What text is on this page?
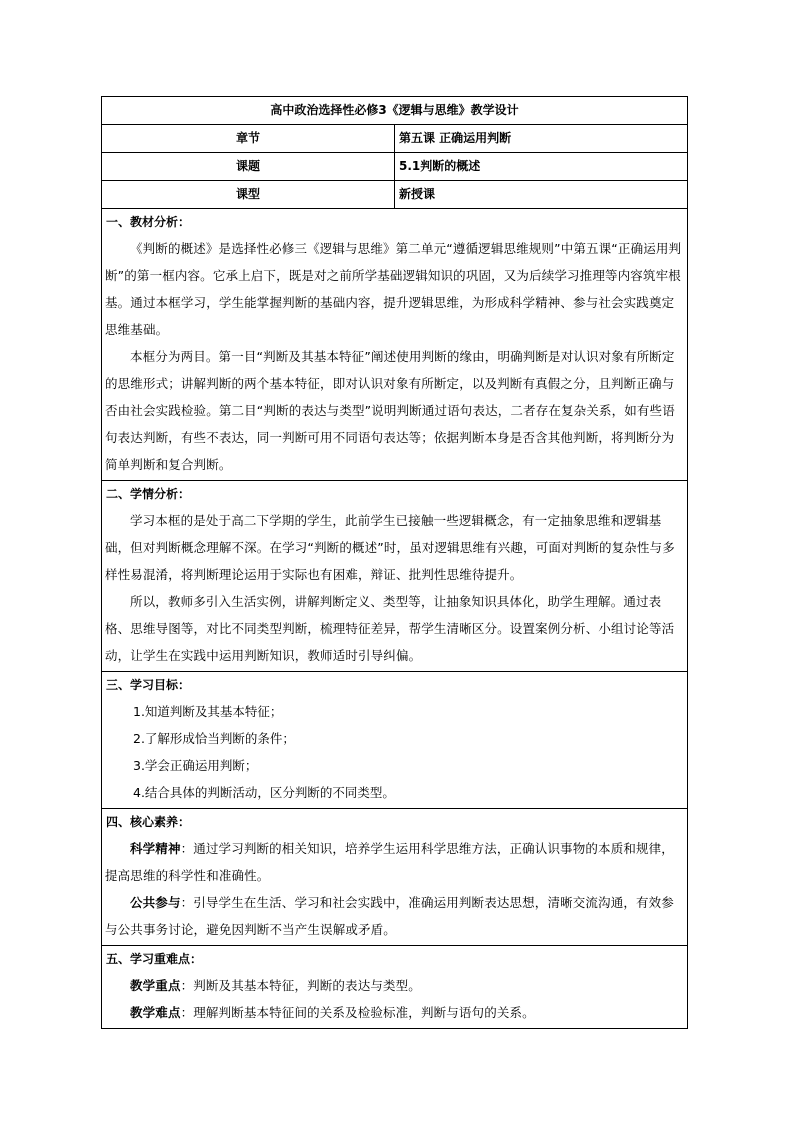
高中政治选择性必修3《逻辑与思维》教学设计	
章节	第五课 正确运用判断
课题	5.1判断的概述
课型	新授课

一、教材分析：

《判断的概述》是选择性必修三《逻辑与思维》第二单元“遵循逻辑思维规则”中第五课“正确运用判断”的第一框内容。它承上启下，既是对之前所学基础逻辑知识的巩固，又为后续学习推理等内容筑牢根基。通过本框学习，学生能掌握判断的基础内容，提升逻辑思维，为形成科学精神、参与社会实践奠定思维基础。

本框分为两目。第一目“判断及其基本特征”阐述使用判断的缘由，明确判断是对认识对象有所断定的思维形式；讲解判断的两个基本特征，即对认识对象有所断定，以及判断有真假之分，且判断正确与否由社会实践检验。第二目“判断的表达与类型”说明判断通过语句表达，二者存在复杂关系，如有些语句表达判断，有些不表达，同一判断可用不同语句表达等；依据判断本身是否含其他判断，将判断分为简单判断和复合判断。	

二、学情分析：

学习本框的是处于高二下学期的学生，此前学生已接触一些逻辑概念，有一定抽象思维和逻辑基础，但对判断概念理解不深。在学习“判断的概述”时，虽对逻辑思维有兴趣，可面对判断的复杂性与多样性易混淆，将判断理论运用于实际也有困难，辩证、批判性思维待提升。

所以，教师多引入生活实例，讲解判断定义、类型等，让抽象知识具体化，助学生理解。通过表格、思维导图等，对比不同类型判断，梳理特征差异，帮学生清晰区分。设置案例分析、小组讨论等活动，让学生在实践中运用判断知识，教师适时引导纠偏。	

三、学习目标：

1.知道判断及其基本特征；

2.了解形成恰当判断的条件；

3.学会正确运用判断；

4.结合具体的判断活动，区分判断的不同类型。	

四、核心素养：

科学精神：通过学习判断的相关知识，培养学生运用科学思维方法，正确认识事物的本质和规律，提高思维的科学性和准确性。

公共参与：引导学生在生活、学习和社会实践中，准确运用判断表达思想，清晰交流沟通，有效参与公共事务讨论，避免因判断不当产生误解或矛盾。	

五、学习重难点：

教学重点：判断及其基本特征，判断的表达与类型。

教学难点：理解判断基本特征间的关系及检验标准，判断与语句的关系。	
